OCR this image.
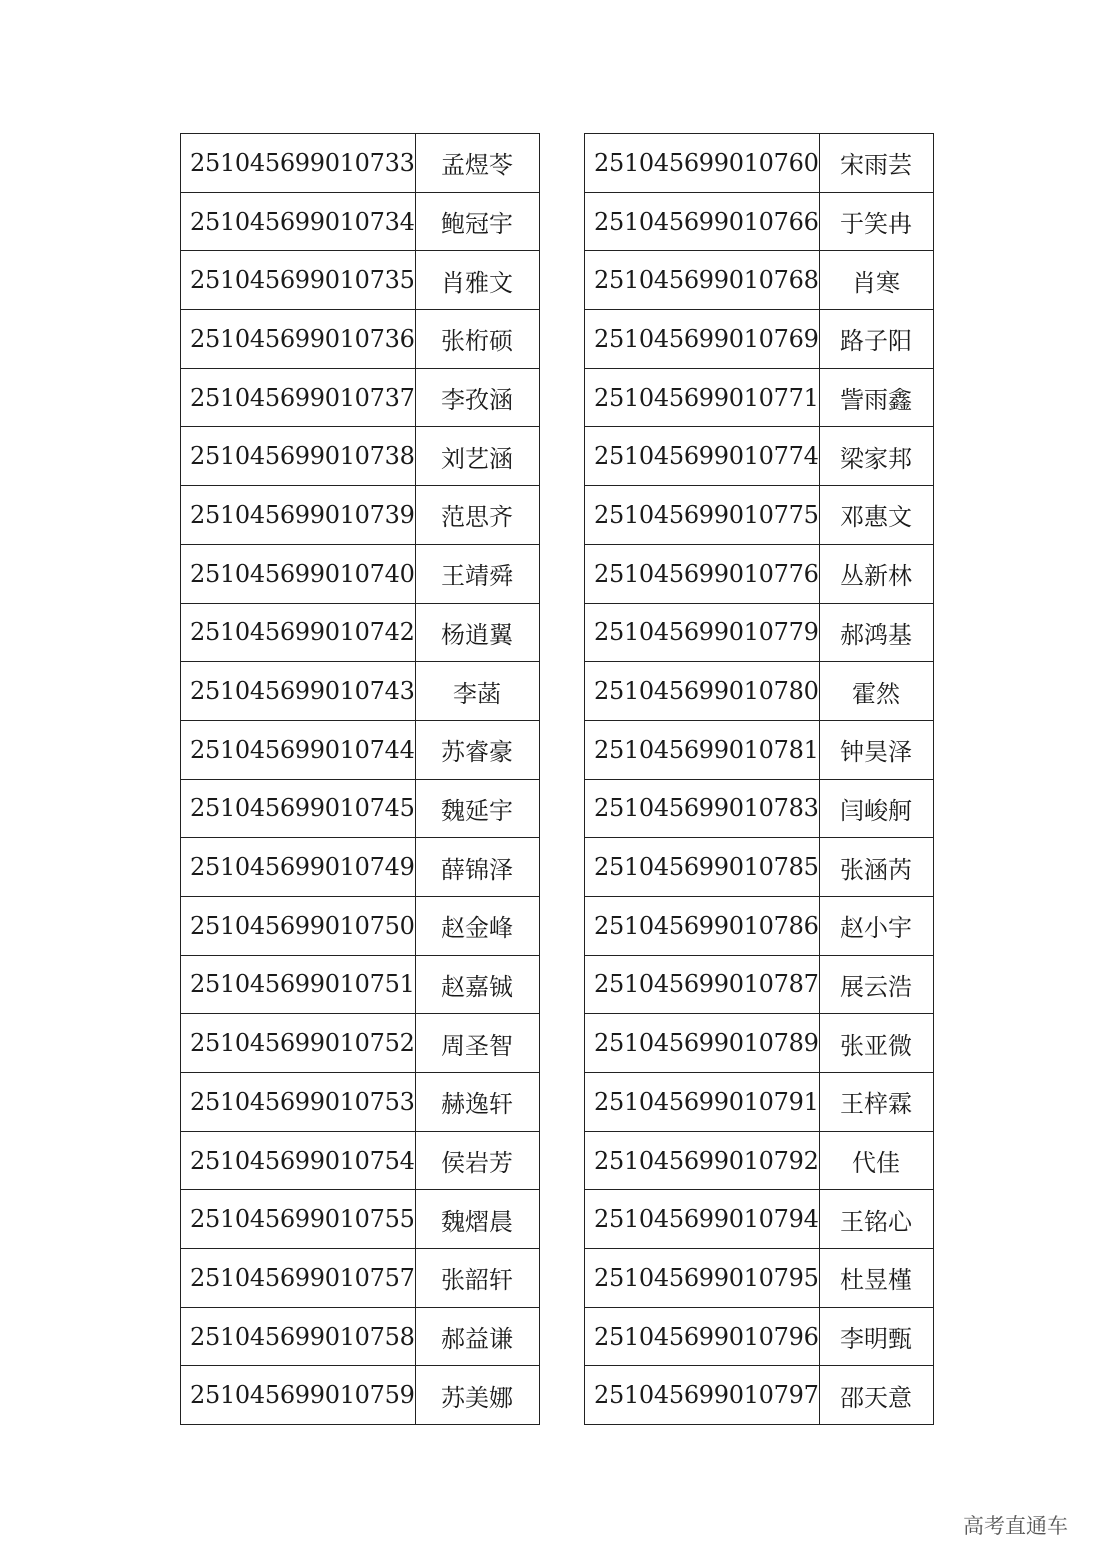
251045699010733	孟煜苓
251045699010734	鲍冠宇
251045699010735	肖雅文
251045699010736	张桁硕
251045699010737	李孜涵
251045699010738	刘艺涵
251045699010739	范思齐
251045699010740	王靖舜
251045699010742	杨逍翼
251045699010743	李菡
251045699010744	苏睿豪
251045699010745	魏延宇
251045699010749	薛锦泽
251045699010750	赵金峰
251045699010751	赵嘉铖
251045699010752	周圣智
251045699010753	赫逸轩
251045699010754	侯岩芳
251045699010755	魏熠晨
251045699010757	张韶轩
251045699010758	郝益谦
251045699010759	苏美娜
251045699010760	宋雨芸
251045699010766	于笑冉
251045699010768	肖寒
251045699010769	路子阳
251045699010771	訾雨鑫
251045699010774	梁家邦
251045699010775	邓惠文
251045699010776	丛新林
251045699010779	郝鸿基
251045699010780	霍然
251045699010781	钟昊泽
251045699010783	闫峻舸
251045699010785	张涵芮
251045699010786	赵小宇
251045699010787	展云浩
251045699010789	张亚微
251045699010791	王梓霖
251045699010792	代佳
251045699010794	王铭心
251045699010795	杜昱槿
251045699010796	李明甄
251045699010797	邵天意
高考直通车
